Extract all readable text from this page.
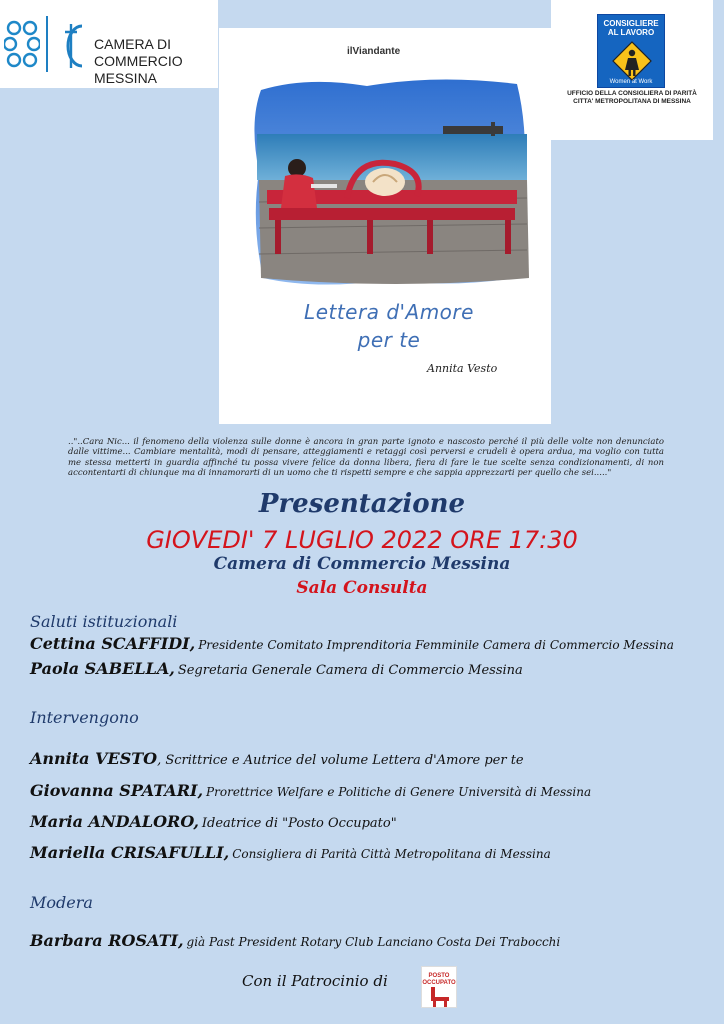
CAMERA DI COMMERCIO
MESSINA
CONSIGLIERE
AL LAVORO
Women at Work
UFFICIO DELLA CONSIGLIERA DI PARITÀ
CITTA' METROPOLITANA DI MESSINA
ilViandante
Lettera d'Amore
per te
Annita Vesto
.."..Cara Nic... il fenomeno della violenza sulle donne è ancora in gran parte ignoto e nascosto perché il più delle volte non denunciato dalle vittime... Cambiare mentalità, modi di pensare, atteggiamenti e retaggi così perversi e crudeli è opera ardua, ma voglio con tutta me stessa metterti in guardia affinché tu possa vivere felice da donna libera, fiera di fare le tue scelte senza condizionamenti, di non accontentarti di chiunque ma di innamorarti di un uomo che ti rispetti sempre e che sappia apprezzarti per quello che sei....."
Presentazione
GIOVEDI' 7 LUGLIO 2022 ORE 17:30
Camera di Commercio Messina
Sala Consulta
Saluti istituzionali
Cettina SCAFFIDI, Presidente Comitato Imprenditoria Femminile Camera di Commercio Messina
Paola SABELLA, Segretaria Generale Camera di Commercio Messina
Intervengono
Annita VESTO, Scrittrice e Autrice del volume Lettera d'Amore per te
Giovanna SPATARI, Prorettrice Welfare e Politiche di Genere Università di Messina
Maria ANDALORO, Ideatrice di "Posto Occupato"
Mariella CRISAFULLI, Consigliera di Parità Città Metropolitana di Messina
Modera
Barbara ROSATI, già Past President Rotary Club Lanciano Costa Dei Trabocchi
Con il Patrocinio di	POSTO
OCCUPATO
